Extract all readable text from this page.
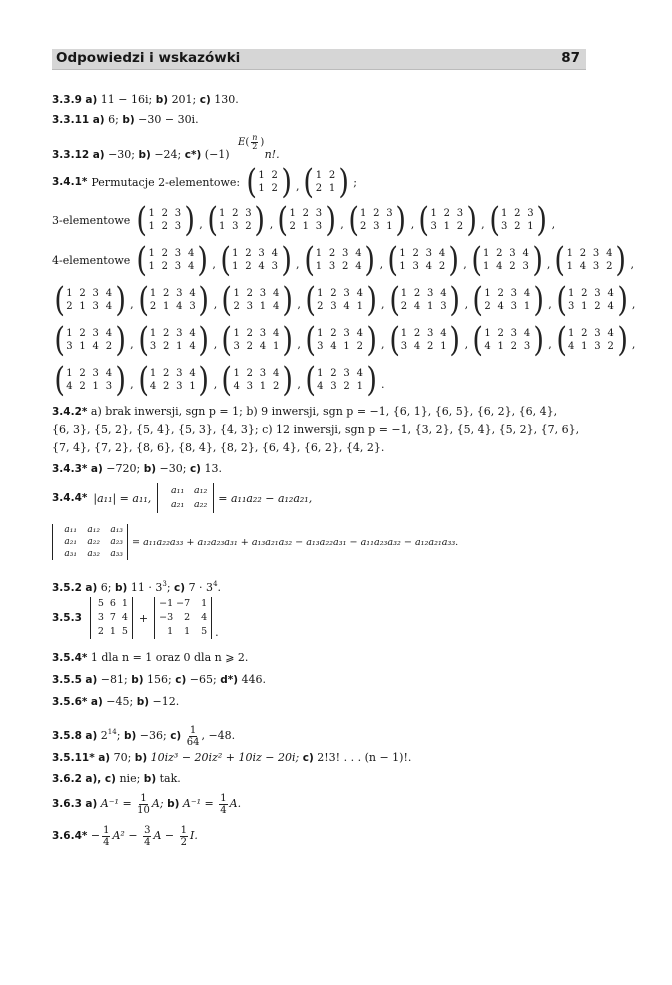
Odpowiedzi i wskazówki	87
3.3.9 a) 11 − 16i; b) 201; c) 130.
3.3.11 a) 6; b) −30 − 30i.
$E( \frac{n}{2}$ )
3.3.12 a) −30; b) −24; c*) (−1)	n!.
3.4.1* Permutacje 2-elementowe: ( 1 2
1 2 ) , ( 1 2
2 1 ) ;
3-elementowe ( 1 2 3
1 2 3 ) , ( 1 2 3
1 3 2 ) , ( 1 2 3
2 1 3 ) , ( 1 2 3
2 3 1 ) , ( 1 2 3
3 1 2 ) , ( 1 2 3
3 2 1 ) ,
4-elementowe ( 1 2 3 4
1 2 3 4 ) , ( 1 2 3 4
1 2 4 3 ) , ( 1 2 3 4
1 3 2 4 ) , ( 1 2 3 4
1 3 4 2 ) , ( 1 2 3 4
1 4 2 3 ) , ( 1 2 3 4
1 4 3 2 ) ,
( 1 2 3 4
2 1 3 4 ) , ( 1 2 3 4
2 1 4 3 ) , ( 1 2 3 4
2 3 1 4 ) , ( 1 2 3 4
2 3 4 1 ) , ( 1 2 3 4
2 4 1 3 ) , ( 1 2 3 4
2 4 3 1 ) , ( 1 2 3 4
3 1 2 4 ) ,
( 1 2 3 4
3 1 4 2 ) , ( 1 2 3 4
3 2 1 4 ) , ( 1 2 3 4
3 2 4 1 ) , ( 1 2 3 4
3 4 1 2 ) , ( 1 2 3 4
3 4 2 1 ) , ( 1 2 3 4
4 1 2 3 ) , ( 1 2 3 4
4 1 3 2 ) ,
( 1 2 3 4
4 2 1 3 ) , ( 1 2 3 4
4 2 3 1 ) , ( 1 2 3 4
4 3 1 2 ) , ( 1 2 3 4
4 3 2 1 ) .
3.4.2* a) brak inwersji, sgn p = 1; b) 9 inwersji, sgn p = −1, {6, 1}, {6, 5}, {6, 2}, {6, 4},
{6, 3}, {5, 2}, {5, 4}, {5, 3}, {4, 3}; c) 12 inwersji, sgn p = −1, {3, 2}, {5, 4}, {5, 2}, {7, 6},
{7, 4}, {7, 2}, {8, 6}, {8, 4}, {8, 2}, {6, 4}, {6, 2}, {4, 2}.
3.4.3* a) −720; b) −30; c) 13.
3.4.4* |a₁₁| = a₁₁,
a₁₁ a₁₂
a₂₁ a₂₂ = a₁₁a₂₂ − a₁₂a₂₁,
a₁₁ a₁₂ a₁₃
a₂₁ a₂₂ a₂₃
a₃₁ a₃₂ a₃₃
= a₁₁a₂₂a₃₃ + a₁₂a₂₃a₃₁ + a₁₃a₂₁a₃₂ − a₁₃a₂₂a₃₁ − a₁₁a₂₃a₃₂ − a₁₂a₂₁a₃₃.
3.5.2 a) 6; b) $11 \cdot 3^3$; c) $7 \cdot 3^4$.
3.5.3
5 6 1
3 7 4
2 1 5
+
−1 −7 1
−3 2 4
1 1 5 .
3.5.4* 1 dla n = 1 oraz 0 dla n ⩾ 2.
3.5.5 a) −81; b) 156; c) −65; d*) 446.
3.5.6* a) −45; b) −12.
3.5.8 a) $2^{14}$; b) −36; $c) \frac{1}{64}$ , −48.
3.5.11* a) 70; b) 10iz³ − 20iz² + 10iz − 20i; c) 2!3! . . . (n − 1)!.
3.6.2 a), c) nie; b) tak.
3.6.3 a) $A^{-1} = \frac{1}{10} A$; b) $A^{-1} = \frac{1}{4} A$.
$3.6.4* - \frac{1}{4} A^2 - \frac{3}{4}$ $A - \frac{1}{2} I$.
